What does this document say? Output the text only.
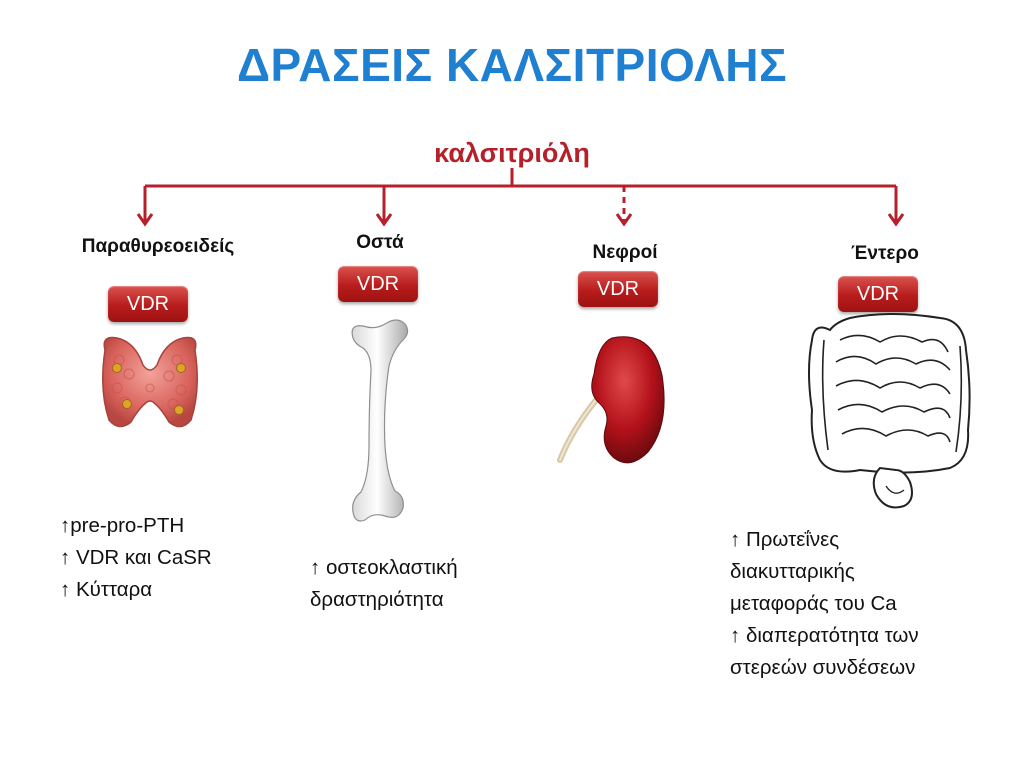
ΔΡΑΣΕΙΣ ΚΑΛΣΙΤΡΙΟΛΗΣ
καλσιτριόλη
Παραθυρεοειδείς	Οστά	Νεφροί	Έντερο
VDR
VDR	VDR	VDR
↑pre-pro-PTH
↑ VDR και CaSR
↑ Κύτταρα
↑ οστεοκλαστική
δραστηριότητα
↑ Πρωτεΐνες
διακυτταρικής
μεταφοράς του Ca
↑ διαπερατότητα των
στερεών συνδέσεων
